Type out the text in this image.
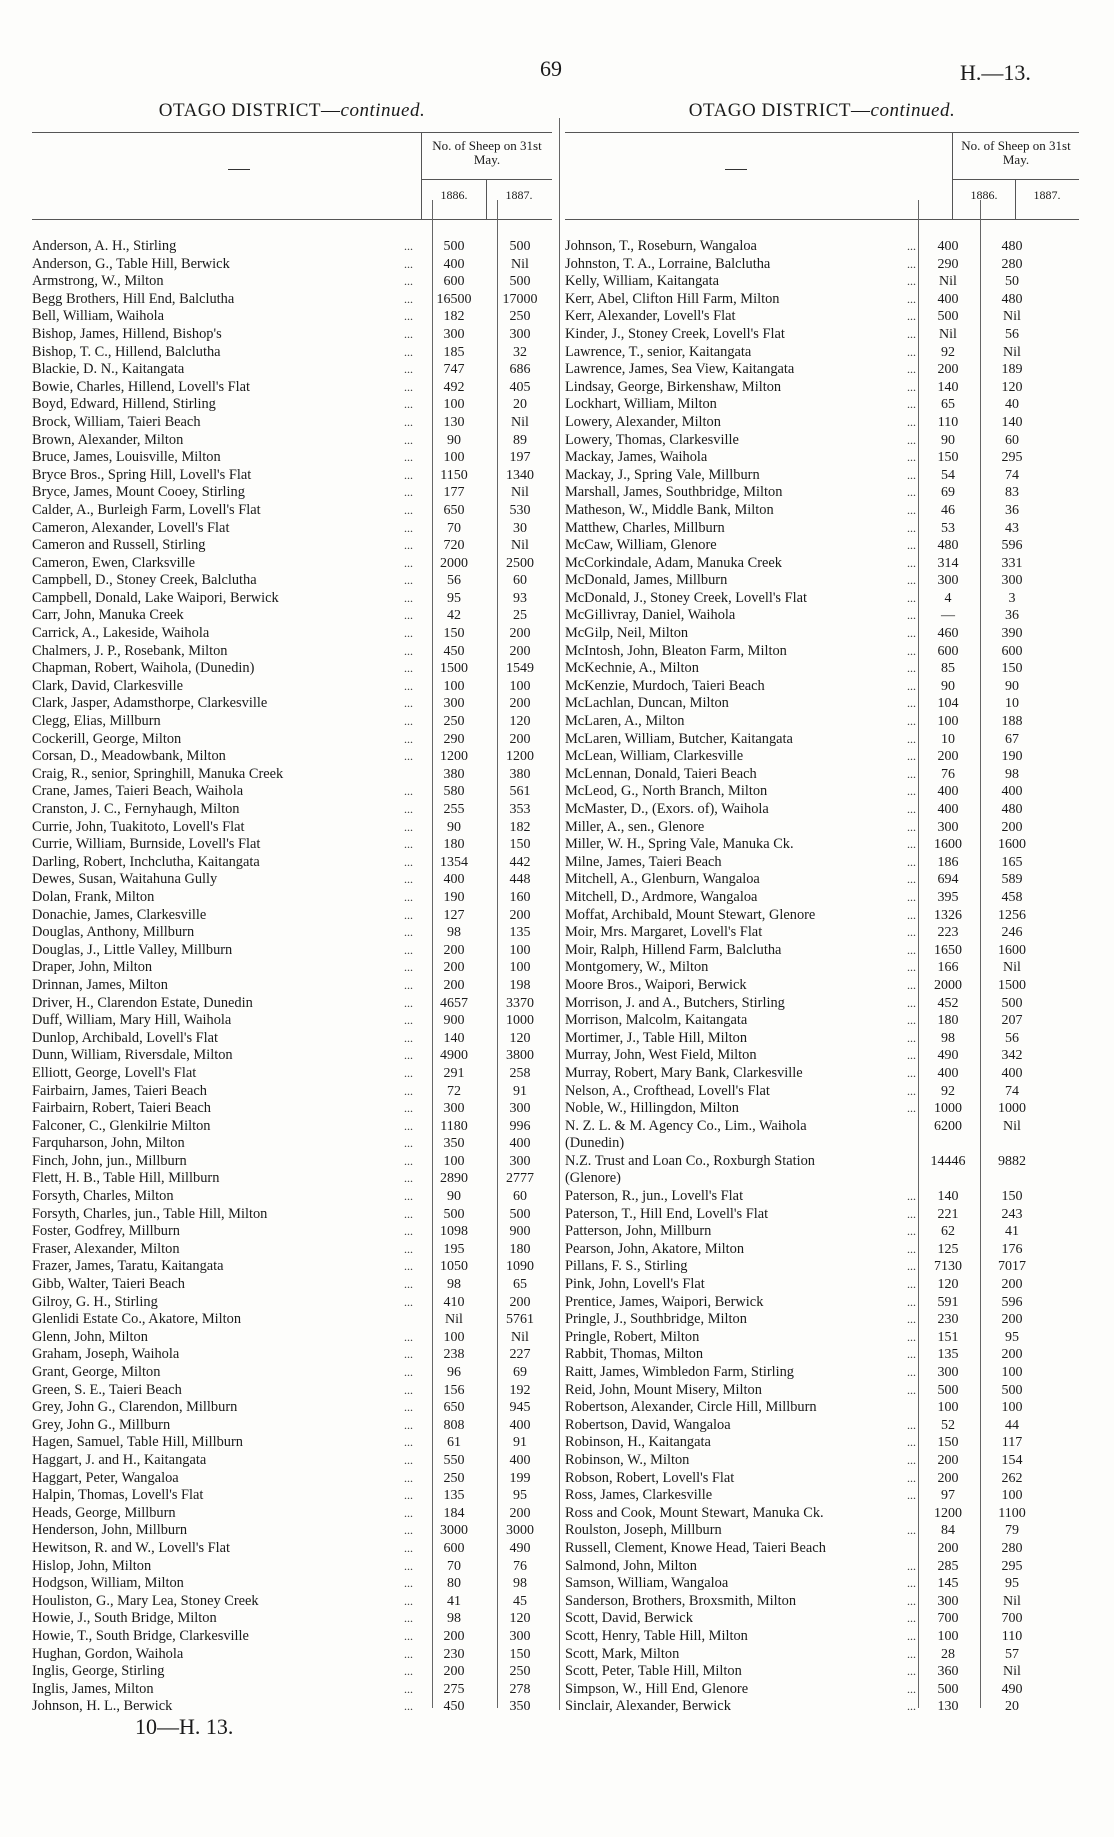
69	H.—13.
OTAGO DISTRICT—continued.
No. of Sheep on 31st May.
1886.	1887.
Anderson, A. H., Stirling	...	500	500
Anderson, G., Table Hill, Berwick	...	400	Nil
Armstrong, W., Milton	...	600	500
Begg Brothers, Hill End, Balclutha	...	16500	17000
Bell, William, Waihola	...	182	250
Bishop, James, Hillend, Bishop's	...	300	300
Bishop, T. C., Hillend, Balclutha	...	185	32
Blackie, D. N., Kaitangata	...	747	686
Bowie, Charles, Hillend, Lovell's Flat	...	492	405
Boyd, Edward, Hillend, Stirling	...	100	20
Brock, William, Taieri Beach	...	130	Nil
Brown, Alexander, Milton	...	90	89
Bruce, James, Louisville, Milton	...	100	197
Bryce Bros., Spring Hill, Lovell's Flat	...	1150	1340
Bryce, James, Mount Cooey, Stirling	...	177	Nil
Calder, A., Burleigh Farm, Lovell's Flat	...	650	530
Cameron, Alexander, Lovell's Flat	...	70	30
Cameron and Russell, Stirling	...	720	Nil
Cameron, Ewen, Clarksville	...	2000	2500
Campbell, D., Stoney Creek, Balclutha	...	56	60
Campbell, Donald, Lake Waipori, Berwick	...	95	93
Carr, John, Manuka Creek	...	42	25
Carrick, A., Lakeside, Waihola	...	150	200
Chalmers, J. P., Rosebank, Milton	...	450	200
Chapman, Robert, Waihola, (Dunedin)	...	1500	1549
Clark, David, Clarkesville	...	100	100
Clark, Jasper, Adamsthorpe, Clarkesville	...	300	200
Clegg, Elias, Millburn	...	250	120
Cockerill, George, Milton	...	290	200
Corsan, D., Meadowbank, Milton	...	1200	1200
Craig, R., senior, Springhill, Manuka Creek	380	380
Crane, James, Taieri Beach, Waihola	...	580	561
Cranston, J. C., Fernyhaugh, Milton	...	255	353
Currie, John, Tuakitoto, Lovell's Flat	...	90	182
Currie, William, Burnside, Lovell's Flat	...	180	150
Darling, Robert, Inchclutha, Kaitangata	...	1354	442
Dewes, Susan, Waitahuna Gully	...	400	448
Dolan, Frank, Milton	...	190	160
Donachie, James, Clarkesville	...	127	200
Douglas, Anthony, Millburn	...	98	135
Douglas, J., Little Valley, Millburn	...	200	100
Draper, John, Milton	...	200	100
Drinnan, James, Milton	...	200	198
Driver, H., Clarendon Estate, Dunedin	...	4657	3370
Duff, William, Mary Hill, Waihola	...	900	1000
Dunlop, Archibald, Lovell's Flat	...	140	120
Dunn, William, Riversdale, Milton	...	4900	3800
Elliott, George, Lovell's Flat	...	291	258
Fairbairn, James, Taieri Beach	...	72	91
Fairbairn, Robert, Taieri Beach	...	300	300
Falconer, C., Glenkilrie Milton	...	1180	996
Farquharson, John, Milton	...	350	400
Finch, John, jun., Millburn	...	100	300
Flett, H. B., Table Hill, Millburn	...	2890	2777
Forsyth, Charles, Milton	...	90	60
Forsyth, Charles, jun., Table Hill, Milton	...	500	500
Foster, Godfrey, Millburn	...	1098	900
Fraser, Alexander, Milton	...	195	180
Frazer, James, Taratu, Kaitangata	...	1050	1090
Gibb, Walter, Taieri Beach	...	98	65
Gilroy, G. H., Stirling	...	410	200
Glenlidi Estate Co., Akatore, Milton	Nil	5761
Glenn, John, Milton	...	100	Nil
Graham, Joseph, Waihola	...	238	227
Grant, George, Milton	...	96	69
Green, S. E., Taieri Beach	...	156	192
Grey, John G., Clarendon, Millburn	...	650	945
Grey, John G., Millburn	...	808	400
Hagen, Samuel, Table Hill, Millburn	...	61	91
Haggart, J. and H., Kaitangata	...	550	400
Haggart, Peter, Wangaloa	...	250	199
Halpin, Thomas, Lovell's Flat	...	135	95
Heads, George, Millburn	...	184	200
Henderson, John, Millburn	...	3000	3000
Hewitson, R. and W., Lovell's Flat	...	600	490
Hislop, John, Milton	...	70	76
Hodgson, William, Milton	...	80	98
Houliston, G., Mary Lea, Stoney Creek	...	41	45
Howie, J., South Bridge, Milton	...	98	120
Howie, T., South Bridge, Clarkesville	...	200	300
Hughan, Gordon, Waihola	...	230	150
Inglis, George, Stirling	...	200	250
Inglis, James, Milton	...	275	278
Johnson, H. L., Berwick	...	450	350
OTAGO DISTRICT—continued.
No. of Sheep on 31st May.
1886.	1887.
Johnson, T., Roseburn, Wangaloa	...	400	480
Johnston, T. A., Lorraine, Balclutha	...	290	280
Kelly, William, Kaitangata	...	Nil	50
Kerr, Abel, Clifton Hill Farm, Milton	...	400	480
Kerr, Alexander, Lovell's Flat	...	500	Nil
Kinder, J., Stoney Creek, Lovell's Flat	...	Nil	56
Lawrence, T., senior, Kaitangata	...	92	Nil
Lawrence, James, Sea View, Kaitangata	...	200	189
Lindsay, George, Birkenshaw, Milton	...	140	120
Lockhart, William, Milton	...	65	40
Lowery, Alexander, Milton	...	110	140
Lowery, Thomas, Clarkesville	...	90	60
Mackay, James, Waihola	...	150	295
Mackay, J., Spring Vale, Millburn	...	54	74
Marshall, James, Southbridge, Milton	...	69	83
Matheson, W., Middle Bank, Milton	...	46	36
Matthew, Charles, Millburn	...	53	43
McCaw, William, Glenore	...	480	596
McCorkindale, Adam, Manuka Creek	...	314	331
McDonald, James, Millburn	...	300	300
McDonald, J., Stoney Creek, Lovell's Flat	...	4	3
McGillivray, Daniel, Waihola	...	—	36
McGilp, Neil, Milton	...	460	390
McIntosh, John, Bleaton Farm, Milton	...	600	600
McKechnie, A., Milton	...	85	150
McKenzie, Murdoch, Taieri Beach	...	90	90
McLachlan, Duncan, Milton	...	104	10
McLaren, A., Milton	...	100	188
McLaren, William, Butcher, Kaitangata	...	10	67
McLean, William, Clarkesville	...	200	190
McLennan, Donald, Taieri Beach	...	76	98
McLeod, G., North Branch, Milton	...	400	400
McMaster, D., (Exors. of), Waihola	...	400	480
Miller, A., sen., Glenore	...	300	200
Miller, W. H., Spring Vale, Manuka Ck.	...	1600	1600
Milne, James, Taieri Beach	...	186	165
Mitchell, A., Glenburn, Wangaloa	...	694	589
Mitchell, D., Ardmore, Wangaloa	...	395	458
Moffat, Archibald, Mount Stewart, Glenore	...	1326	1256
Moir, Mrs. Margaret, Lovell's Flat	...	223	246
Moir, Ralph, Hillend Farm, Balclutha	...	1650	1600
Montgomery, W., Milton	...	166	Nil
Moore Bros., Waipori, Berwick	...	2000	1500
Morrison, J. and A., Butchers, Stirling	...	452	500
Morrison, Malcolm, Kaitangata	...	180	207
Mortimer, J., Table Hill, Milton	...	98	56
Murray, John, West Field, Milton	...	490	342
Murray, Robert, Mary Bank, Clarkesville	...	400	400
Nelson, A., Crofthead, Lovell's Flat	...	92	74
Noble, W., Hillingdon, Milton	...	1000	1000
N. Z. L. & M. Agency Co., Lim., Waihola	6200	Nil
(Dunedin)
N.Z. Trust and Loan Co., Roxburgh Station	14446	9882
(Glenore)
Paterson, R., jun., Lovell's Flat	...	140	150
Paterson, T., Hill End, Lovell's Flat	...	221	243
Patterson, John, Millburn	...	62	41
Pearson, John, Akatore, Milton	...	125	176
Pillans, F. S., Stirling	...	7130	7017
Pink, John, Lovell's Flat	...	120	200
Prentice, James, Waipori, Berwick	...	591	596
Pringle, J., Southbridge, Milton	...	230	200
Pringle, Robert, Milton	...	151	95
Rabbit, Thomas, Milton	...	135	200
Raitt, James, Wimbledon Farm, Stirling	...	300	100
Reid, John, Mount Misery, Milton	...	500	500
Robertson, Alexander, Circle Hill, Millburn	100	100
Robertson, David, Wangaloa	...	52	44
Robinson, H., Kaitangata	...	150	117
Robinson, W., Milton	...	200	154
Robson, Robert, Lovell's Flat	...	200	262
Ross, James, Clarkesville	...	97	100
Ross and Cook, Mount Stewart, Manuka Ck.	1200	1100
Roulston, Joseph, Millburn	...	84	79
Russell, Clement, Knowe Head, Taieri Beach	200	280
Salmond, John, Milton	...	285	295
Samson, William, Wangaloa	...	145	95
Sanderson, Brothers, Broxsmith, Milton	...	300	Nil
Scott, David, Berwick	...	700	700
Scott, Henry, Table Hill, Milton	...	100	110
Scott, Mark, Milton	...	28	57
Scott, Peter, Table Hill, Milton	...	360	Nil
Simpson, W., Hill End, Glenore	...	500	490
Sinclair, Alexander, Berwick	...	130	20
10—H. 13.
